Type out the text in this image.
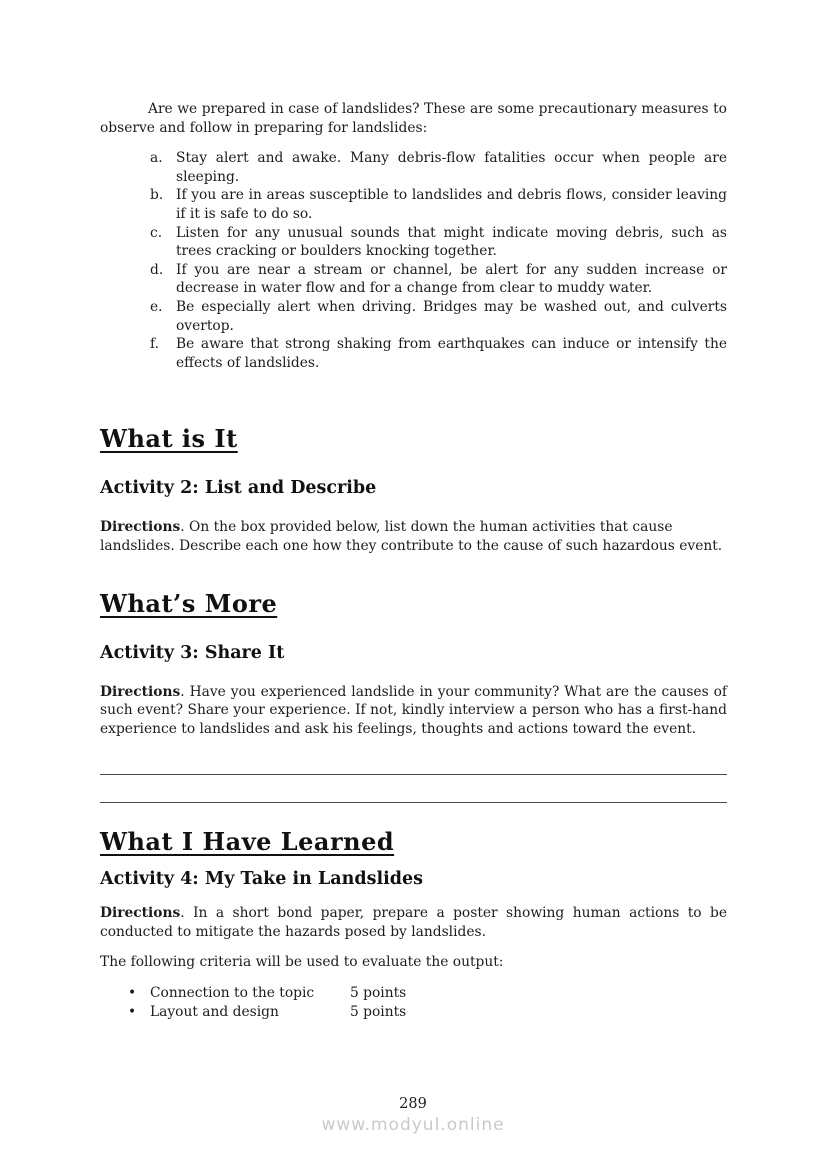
Are we prepared in case of landslides? These are some precautionary measures to observe and follow in preparing for landslides:

a. Stay alert and awake. Many debris-flow fatalities occur when people are sleeping.
b. If you are in areas susceptible to landslides and debris flows, consider leaving if it is safe to do so.
c.	Listen for any unusual sounds that might indicate moving debris, such as trees cracking or boulders knocking together.
d. If you are near a stream or channel, be alert for any sudden increase or decrease in water flow and for a change from clear to muddy water.
e. Be especially alert when driving. Bridges may be washed out, and culverts overtop.
f.	Be aware that strong shaking from earthquakes can induce or intensify the effects of landslides.
What is It
Activity 2: List and Describe

Directions. On the box provided below, list down the human activities that cause landslides. Describe each one how they contribute to the cause of such hazardous event.

What’s More
Activity 3: Share It

Directions. Have you experienced landslide in your community? What are the causes of such event? Share your experience. If not, kindly interview a person who has a first-hand experience to landslides and ask his feelings, thoughts and actions toward the event.

What I Have Learned
Activity 4: My Take in Landslides

Directions. In a short bond paper, prepare a poster showing human actions to be conducted to mitigate the hazards posed by landslides.

The following criteria will be used to evaluate the output:

•	Connection to the topic	5 points
•	Layout and design	5 points
289
www.modyul.online
